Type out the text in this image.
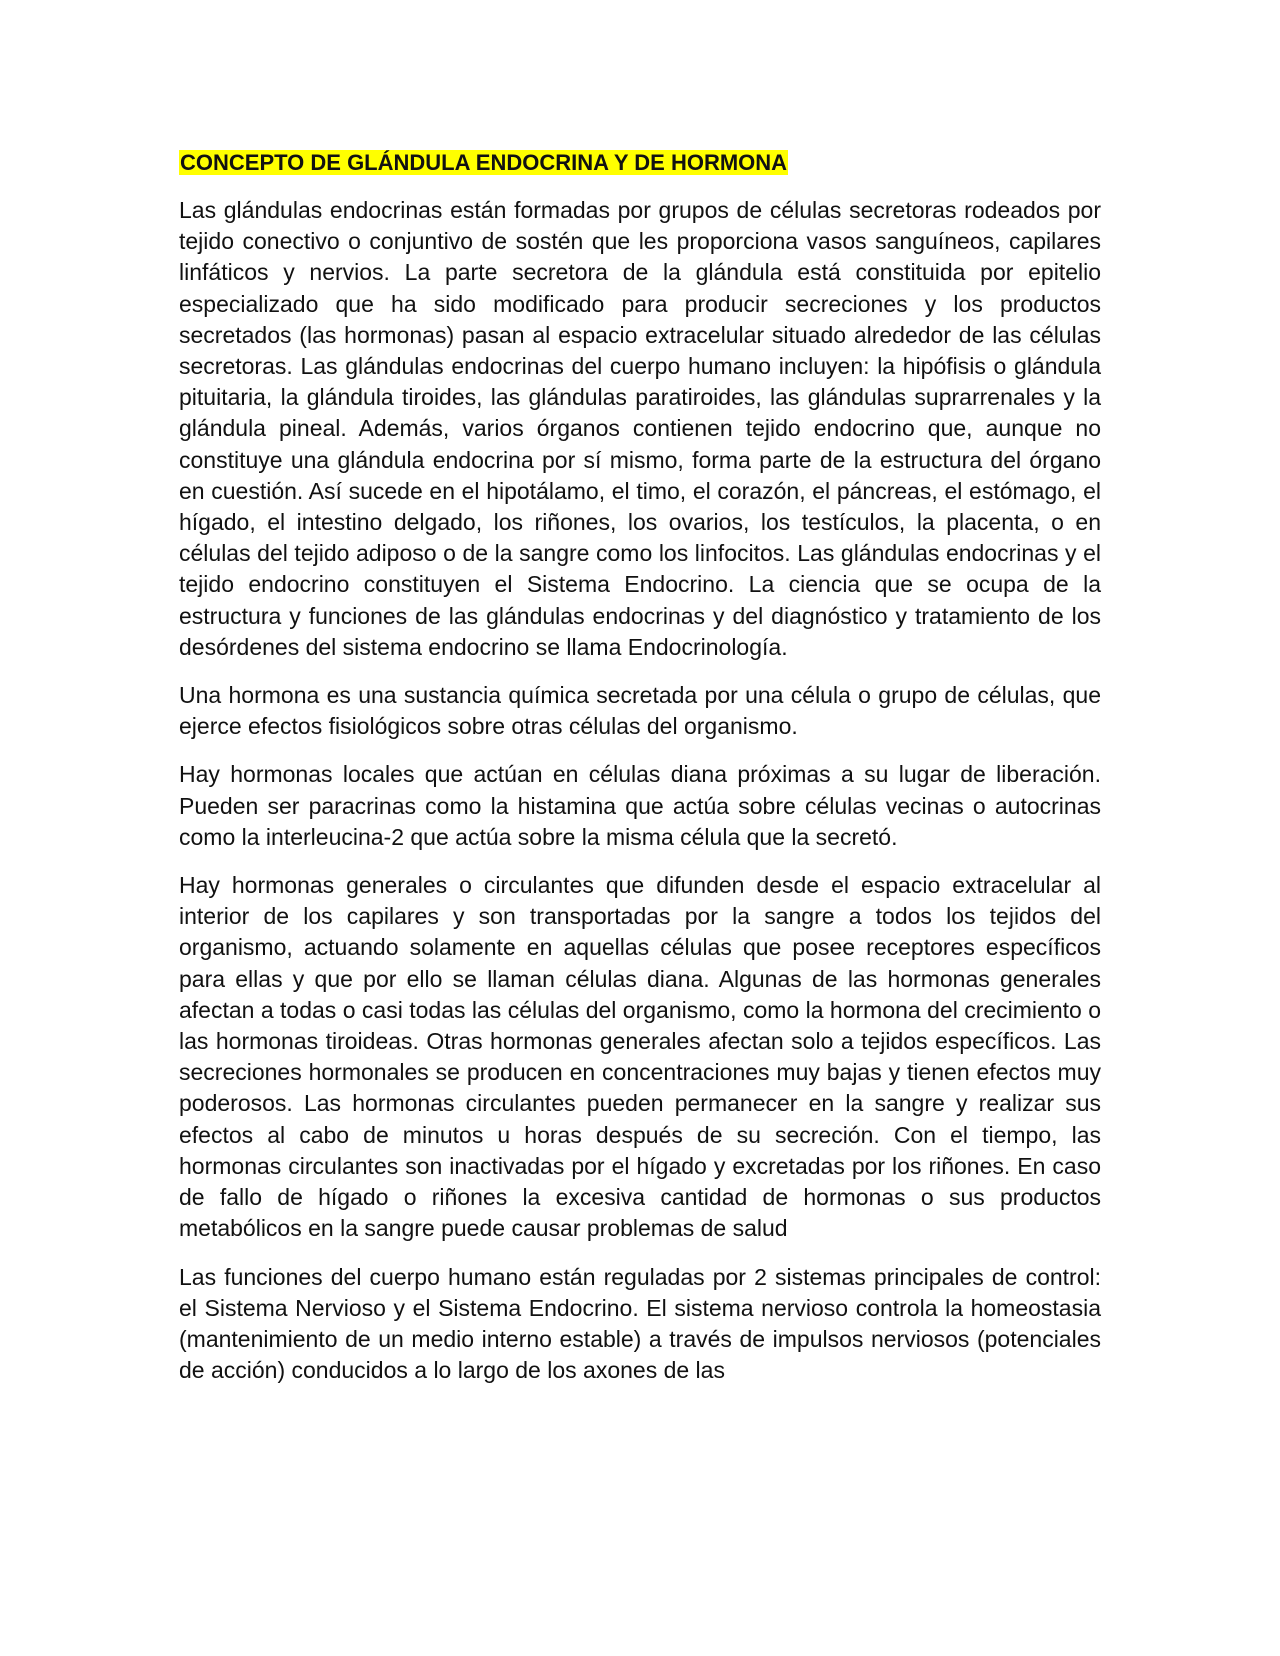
CONCEPTO DE GLÁNDULA ENDOCRINA Y DE HORMONA

Las glándulas endocrinas están formadas por grupos de células secretoras rodeados por tejido conectivo o conjuntivo de sostén que les proporciona vasos sanguíneos, capilares linfáticos y nervios. La parte secretora de la glándula está constituida por epitelio especializado que ha sido modificado para producir secreciones y los productos secretados (las hormonas) pasan al espacio extracelular situado alrededor de las células secretoras. Las glándulas endocrinas del cuerpo humano incluyen: la hipófisis o glándula pituitaria, la glándula tiroides, las glándulas paratiroides, las glándulas suprarrenales y la glándula pineal. Además, varios órganos contienen tejido endocrino que, aunque no constituye una glándula endocrina por sí mismo, forma parte de la estructura del órgano en cuestión. Así sucede en el hipotálamo, el timo, el corazón, el páncreas, el estómago, el hígado, el intestino delgado, los riñones, los ovarios, los testículos, la placenta, o en células del tejido adiposo o de la sangre como los linfocitos. Las glándulas endocrinas y el tejido endocrino constituyen el Sistema Endocrino. La ciencia que se ocupa de la estructura y funciones de las glándulas endocrinas y del diagnóstico y tratamiento de los desórdenes del sistema endocrino se llama Endocrinología.

Una hormona es una sustancia química secretada por una célula o grupo de células, que ejerce efectos fisiológicos sobre otras células del organismo.

Hay hormonas locales que actúan en células diana próximas a su lugar de liberación. Pueden ser paracrinas como la histamina que actúa sobre células vecinas o autocrinas como la interleucina-2 que actúa sobre la misma célula que la secretó.

Hay hormonas generales o circulantes que difunden desde el espacio extracelular al interior de los capilares y son transportadas por la sangre a todos los tejidos del organismo, actuando solamente en aquellas células que posee receptores específicos para ellas y que por ello se llaman células diana. Algunas de las hormonas generales afectan a todas o casi todas las células del organismo, como la hormona del crecimiento o las hormonas tiroideas. Otras hormonas generales afectan solo a tejidos específicos. Las secreciones hormonales se producen en concentraciones muy bajas y tienen efectos muy poderosos. Las hormonas circulantes pueden permanecer en la sangre y realizar sus efectos al cabo de minutos u horas después de su secreción. Con el tiempo, las hormonas circulantes son inactivadas por el hígado y excretadas por los riñones. En caso de fallo de hígado o riñones la excesiva cantidad de hormonas o sus productos metabólicos en la sangre puede causar problemas de salud

Las funciones del cuerpo humano están reguladas por 2 sistemas principales de control: el Sistema Nervioso y el Sistema Endocrino. El sistema nervioso controla la homeostasia (mantenimiento de un medio interno estable) a través de impulsos nerviosos (potenciales de acción) conducidos a lo largo de los axones de las
